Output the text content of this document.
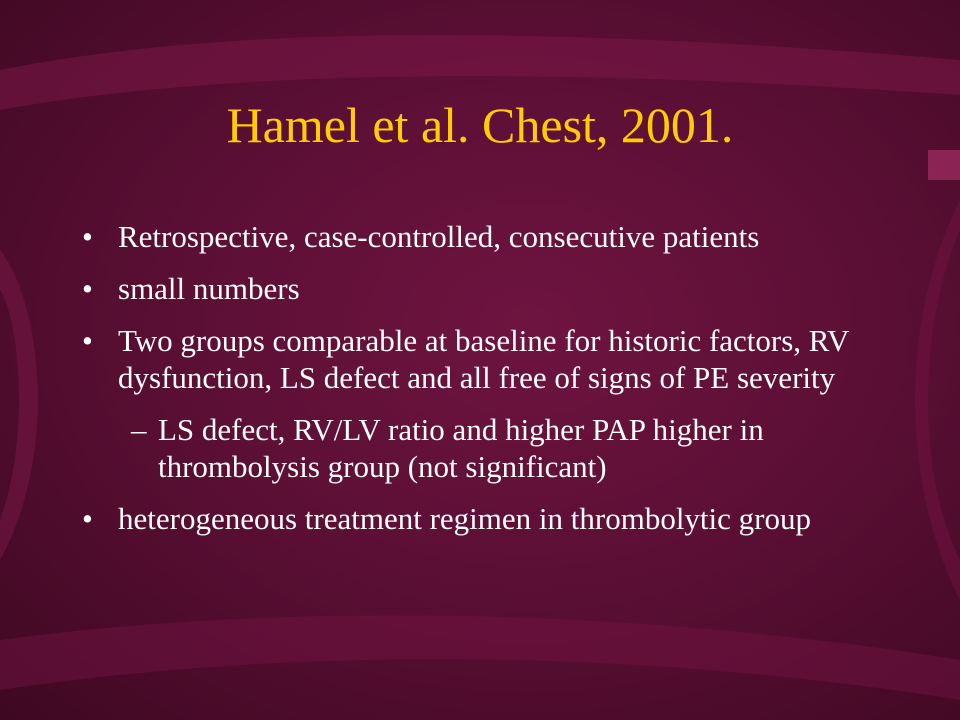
Hamel et al. Chest, 2001.
• Retrospective, case-controlled, consecutive patients
• small numbers
• Two groups comparable at baseline for historic factors, RV dysfunction, LS defect and all free of signs of PE severity
– LS defect, RV/LV ratio and higher PAP higher in thrombolysis group (not significant)
• heterogeneous treatment regimen in thrombolytic group
